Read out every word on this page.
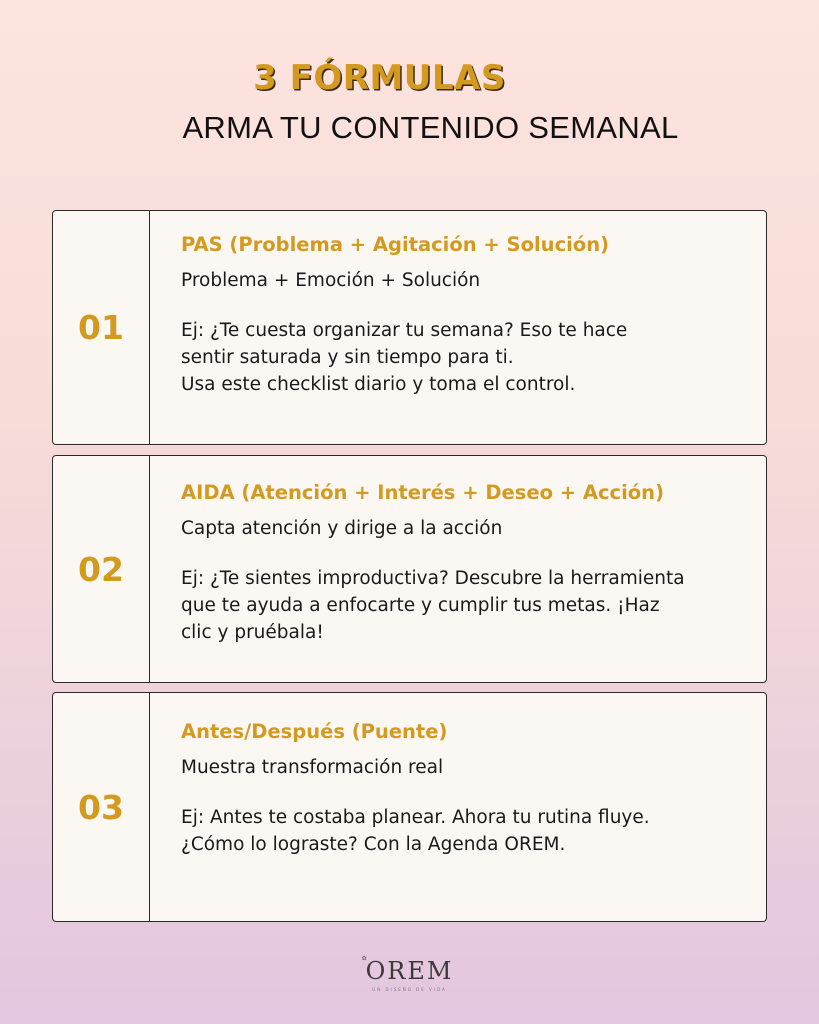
3 FÓRMULAS
ARMA TU CONTENIDO SEMANAL
01
PAS (Problema + Agitación + Solución)
Problema + Emoción + Solución
Ej: ¿Te cuesta organizar tu semana? Eso te hace
sentir saturada y sin tiempo para ti.
Usa este checklist diario y toma el control.
02
AIDA (Atención + Interés + Deseo + Acción)
Capta atención y dirige a la acción
Ej: ¿Te sientes improductiva? Descubre la herramienta
que te ayuda a enfocarte y cumplir tus metas. ¡Haz
clic y pruébala!
03
Antes/Después (Puente)
Muestra transformación real
Ej: Antes te costaba planear. Ahora tu rutina fluye.
¿Cómo lo lograste? Con la Agenda OREM.
✿
OREM
UN DISEÑO DE VIDA
